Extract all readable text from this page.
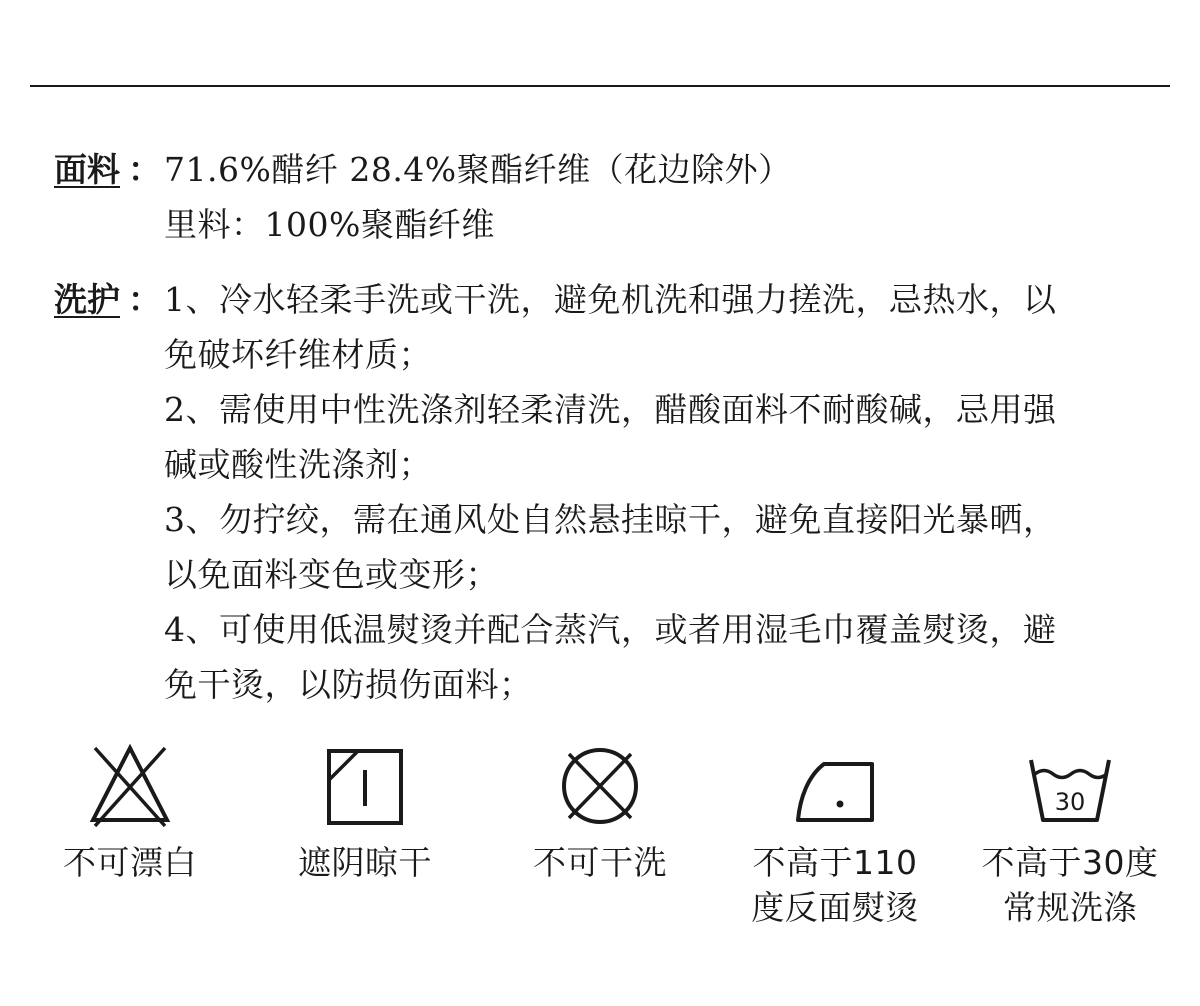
面料 ： 71.6%醋纤 28.4%聚酯纤维（花边除外）
里料：100%聚酯纤维
洗护 ： 1、冷水轻柔手洗或干洗，避免机洗和强力搓洗，忌热水，以
免破坏纤维材质；
2、需使用中性洗涤剂轻柔清洗，醋酸面料不耐酸碱，忌用强
碱或酸性洗涤剂；
3、勿拧绞，需在通风处自然悬挂晾干，避免直接阳光暴晒，
以免面料变色或变形；
4、可使用低温熨烫并配合蒸汽，或者用湿毛巾覆盖熨烫，避
免干烫，以防损伤面料；
不可漂白	遮阴晾干	不可干洗	不高于110
度反面熨烫
30
不高于30度
常规洗涤
